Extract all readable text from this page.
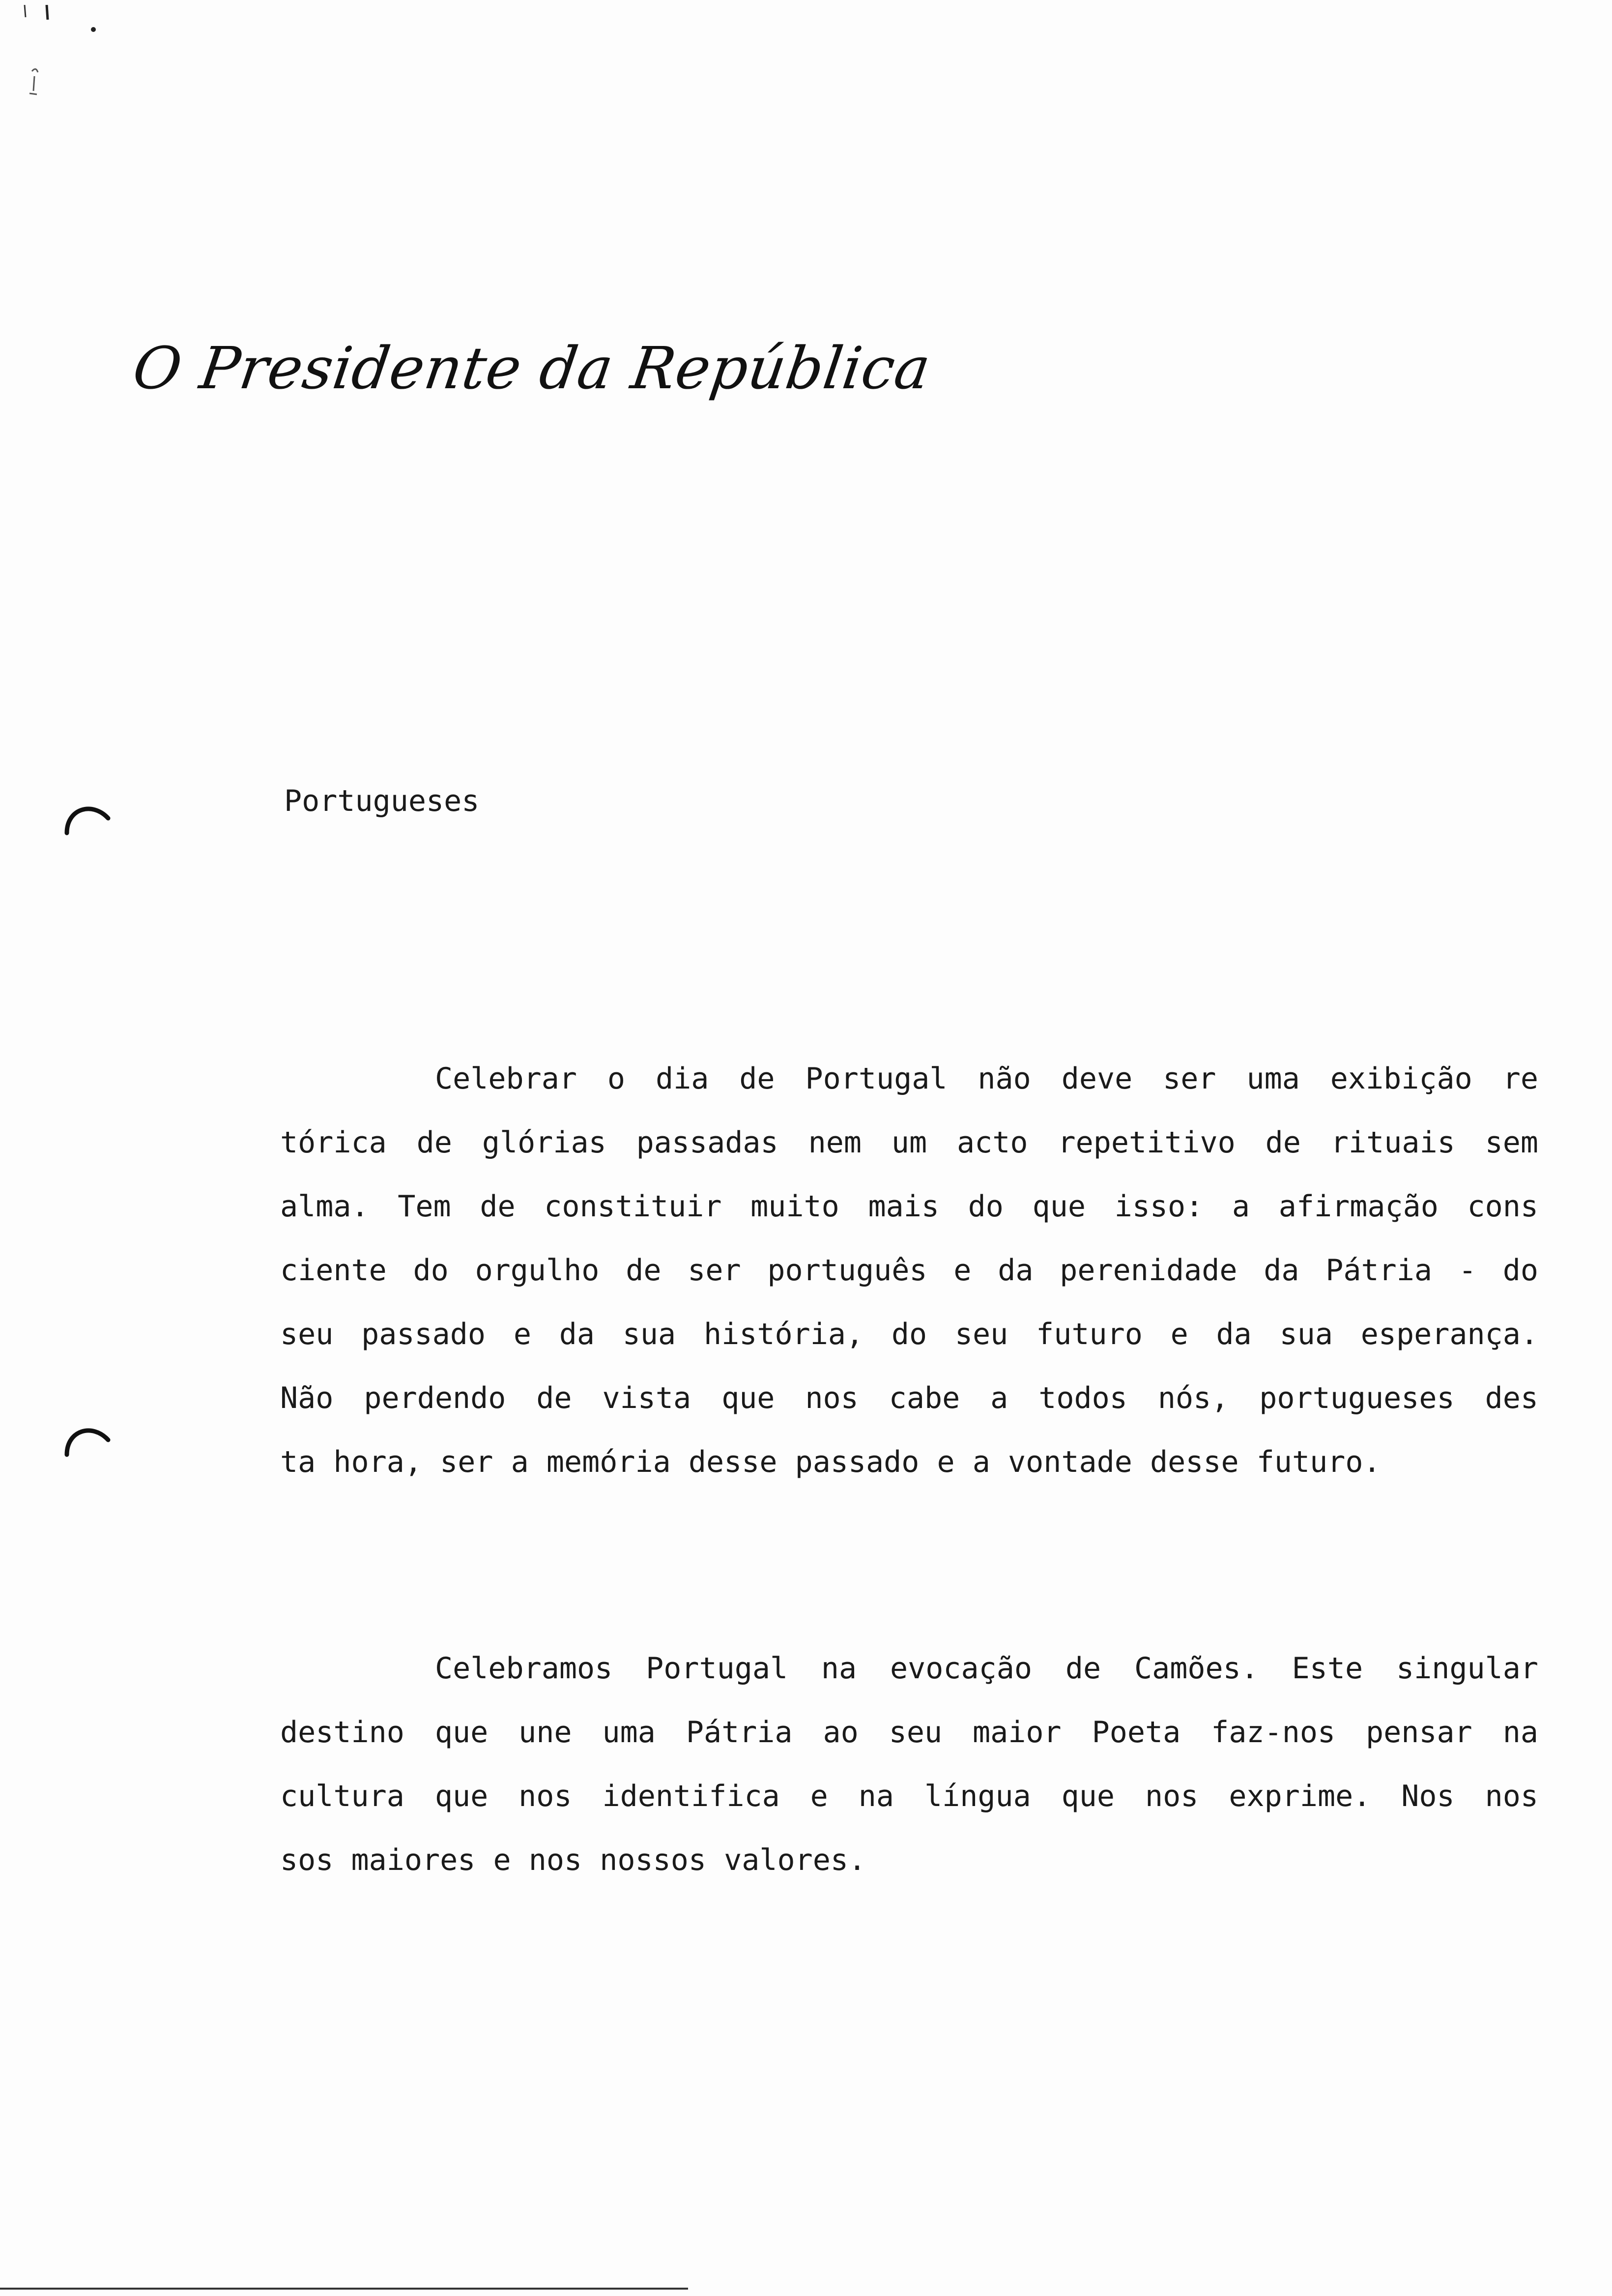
O Presidente da República
Portugueses
Celebrar o dia de Portugal não deve ser uma exibição re
tórica de glórias passadas nem um acto repetitivo de rituais sem
alma. Tem de constituir muito mais do que isso: a afirmação cons
ciente do orgulho de ser português e da perenidade da Pátria - do
seu passado e da sua história, do seu futuro e da sua esperança.
Não perdendo de vista que nos cabe a todos nós, portugueses des
ta hora, ser a memória desse passado e a vontade desse futuro.
Celebramos Portugal na evocação de Camões. Este singular
destino que une uma Pátria ao seu maior Poeta faz-nos pensar na
cultura que nos identifica e na língua que nos exprime. Nos nos
sos maiores e nos nossos valores.
